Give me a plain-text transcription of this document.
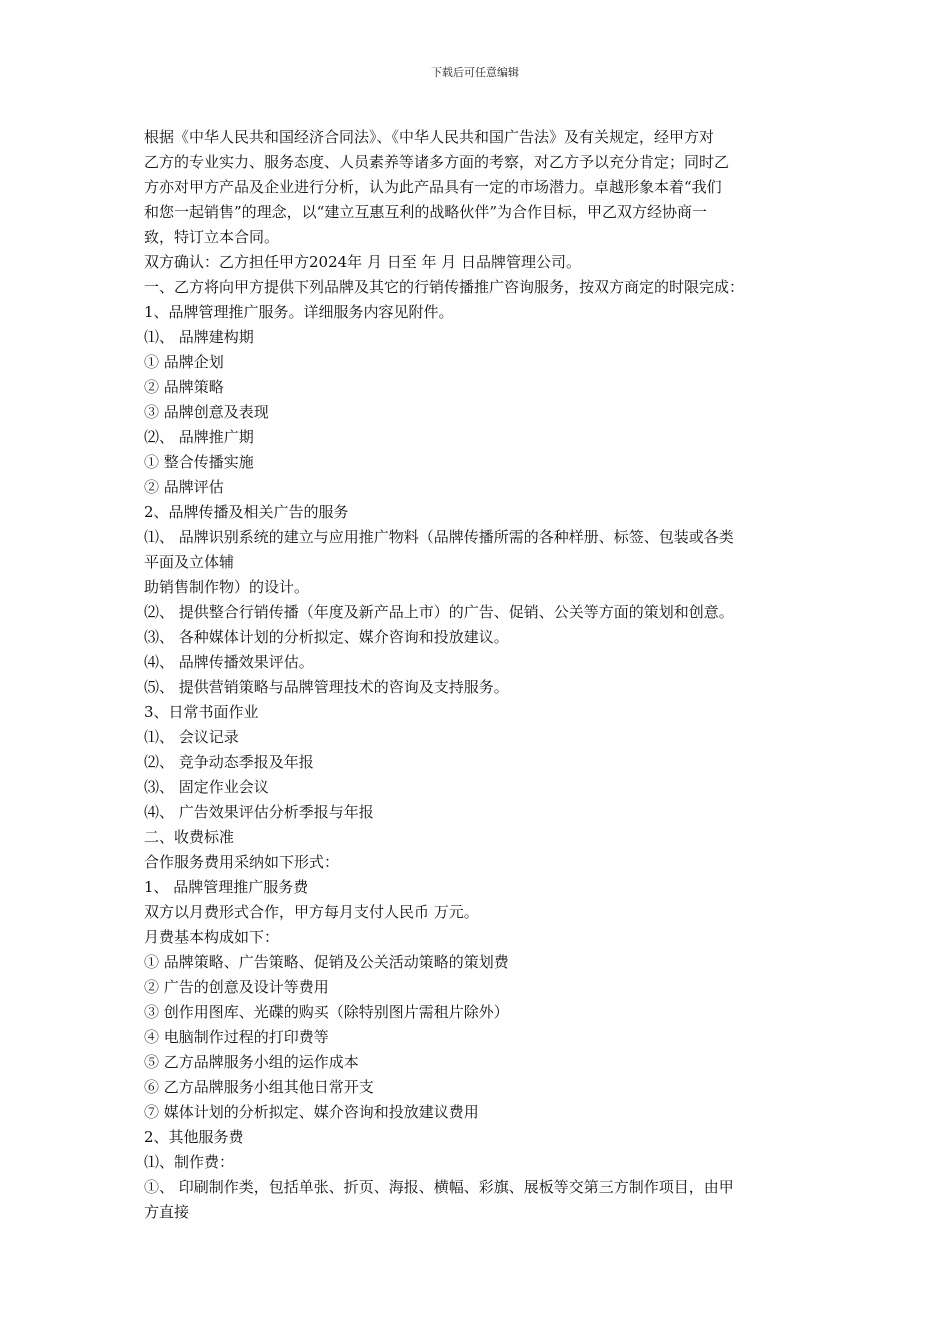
下载后可任意编辑
根据《中华人民共和国经济合同法》、《中华人民共和国广告法》及有关规定，经甲方对
乙方的专业实力、服务态度、人员素养等诸多方面的考察，对乙方予以充分肯定；同时乙
方亦对甲方产品及企业进行分析，认为此产品具有一定的市场潜力。卓越形象本着“我们
和您一起销售”的理念，以“建立互惠互利的战略伙伴”为合作目标，甲乙双方经协商一
致，特订立本合同。
双方确认：乙方担任甲方2024年 月 日至 年 月 日品牌管理公司。
一、乙方将向甲方提供下列品牌及其它的行销传播推广咨询服务，按双方商定的时限完成：
1、品牌管理推广服务。详细服务内容见附件。
⑴、 品牌建构期
① 品牌企划
② 品牌策略
③ 品牌创意及表现
⑵、 品牌推广期
① 整合传播实施
② 品牌评估
2、品牌传播及相关广告的服务
⑴、 品牌识别系统的建立与应用推广物料（品牌传播所需的各种样册、标签、包装或各类
平面及立体辅
助销售制作物）的设计。
⑵、 提供整合行销传播（年度及新产品上市）的广告、促销、公关等方面的策划和创意。
⑶、 各种媒体计划的分析拟定、媒介咨询和投放建议。
⑷、 品牌传播效果评估。
⑸、 提供营销策略与品牌管理技术的咨询及支持服务。
3、日常书面作业
⑴、 会议记录
⑵、 竞争动态季报及年报
⑶、 固定作业会议
⑷、 广告效果评估分析季报与年报
二、收费标准
合作服务费用采纳如下形式：
1、 品牌管理推广服务费
双方以月费形式合作，甲方每月支付人民币 万元。
月费基本构成如下：
① 品牌策略、广告策略、促销及公关活动策略的策划费
② 广告的创意及设计等费用
③ 创作用图库、光碟的购买（除特别图片需租片除外）
④ 电脑制作过程的打印费等
⑤ 乙方品牌服务小组的运作成本
⑥ 乙方品牌服务小组其他日常开支
⑦ 媒体计划的分析拟定、媒介咨询和投放建议费用
2、其他服务费
⑴、制作费：
①、 印刷制作类，包括单张、折页、海报、横幅、彩旗、展板等交第三方制作项目，由甲
方直接
